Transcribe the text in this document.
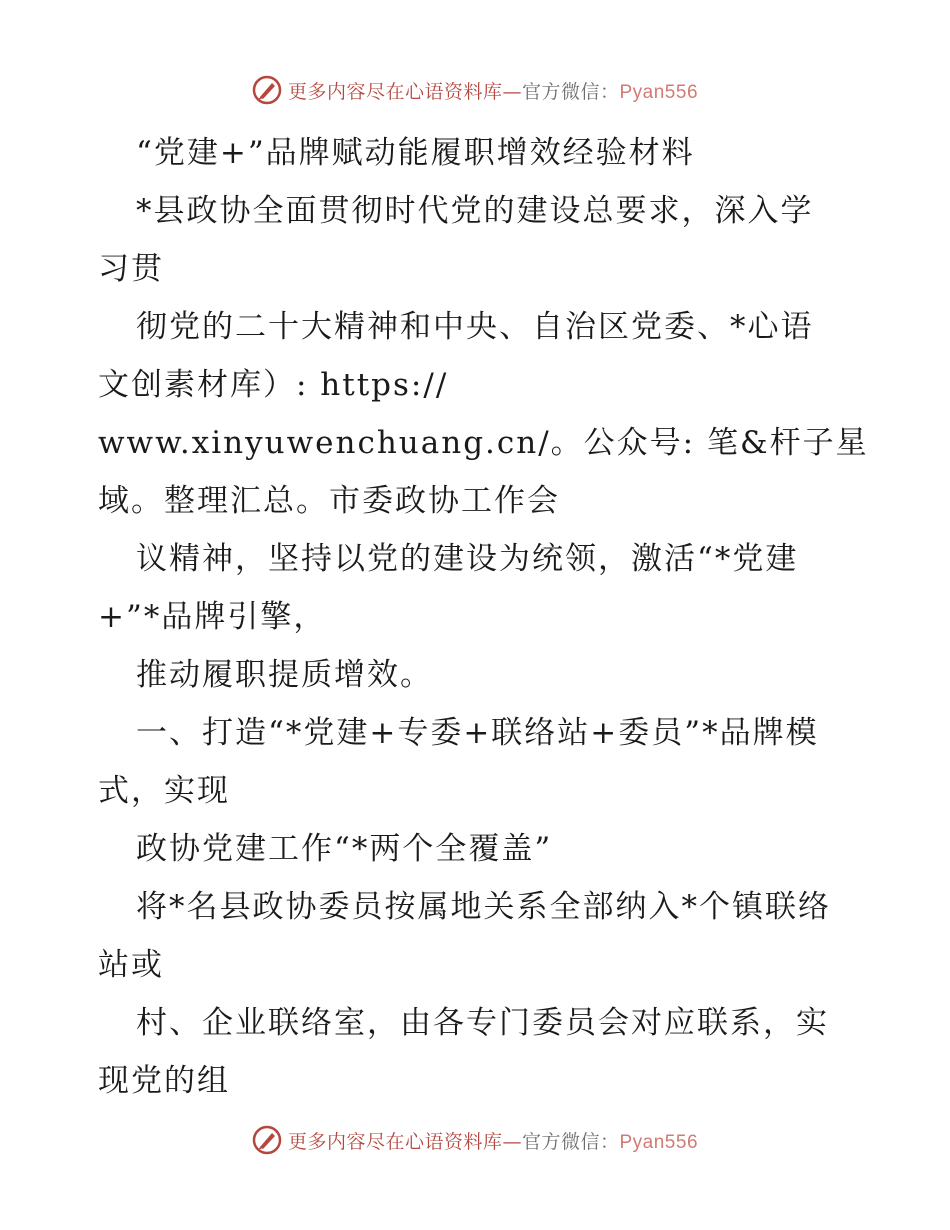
更多内容尽在心语资料库—官方微信：Pyan556
“党建+”品牌赋动能履职增效经验材料
*县政协全面贯彻时代党的建设总要求，深入学
习贯
彻党的二十大精神和中央、自治区党委、*心语
文创素材库）: https://
www.xinyuwenchuang.cn/。公众号: 笔&杆子星
域。整理汇总。市委政协工作会
议精神，坚持以党的建设为统领，激活“*党建
+”*品牌引擎，
推动履职提质增效。
一、打造“*党建+专委+联络站+委员”*品牌模
式，实现
政协党建工作“*两个全覆盖”
将*名县政协委员按属地关系全部纳入*个镇联络
站或
村、企业联络室，由各专门委员会对应联系，实
现党的组
更多内容尽在心语资料库—官方微信：Pyan556
